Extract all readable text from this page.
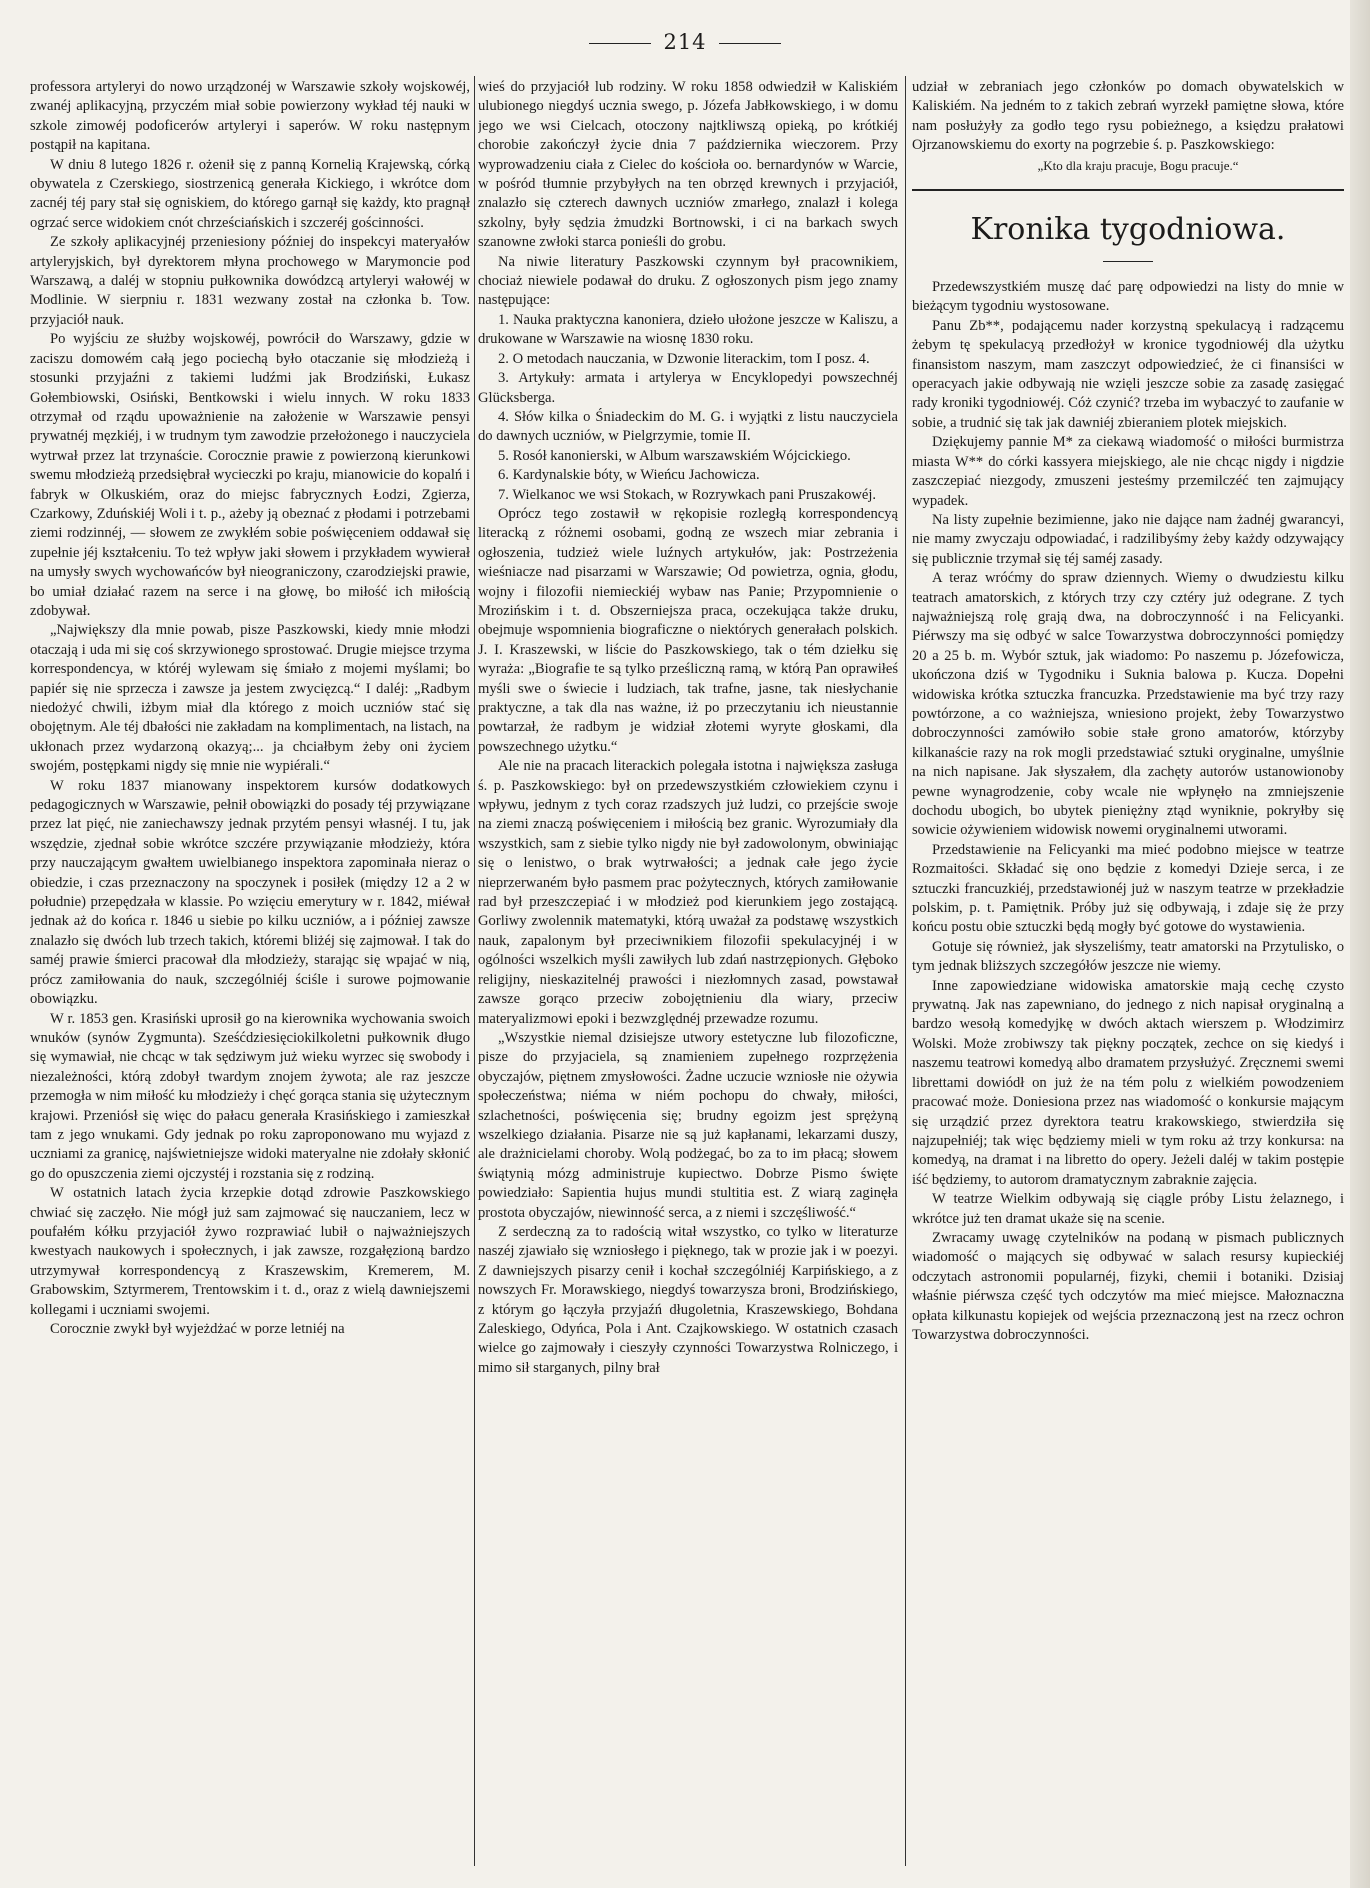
214

professora artyleryi do nowo urządzonéj w Warszawie szkoły wojskowéj, zwanéj aplikacyjną, przyczém miał sobie powierzony wykład téj nauki w szkole zimowéj podoficerów artyleryi i saperów. W roku następnym postąpił na kapitana.

W dniu 8 lutego 1826 r. ożenił się z panną Kornelią Krajewską, córką obywatela z Czerskiego, siostrzenicą generała Kickiego, i wkrótce dom zacnéj téj pary stał się ogniskiem, do którego garnął się każdy, kto pragnął ogrzać serce widokiem cnót chrześciańskich i szczeréj gościnności.

Ze szkoły aplikacyjnéj przeniesiony później do inspekcyi materyałów artyleryjskich, był dyrektorem młyna prochowego w Marymoncie pod Warszawą, a daléj w stopniu pułkownika dowódzcą artyleryi wałowéj w Modlinie. W sierpniu r. 1831 wezwany został na członka b. Tow. przyjaciół nauk.

Po wyjściu ze służby wojskowéj, powrócił do Warszawy, gdzie w zaciszu domowém całą jego pociechą było otaczanie się młodzieżą i stosunki przyjaźni z takiemi ludźmi jak Brodziński, Łukasz Gołembiowski, Osiński, Bentkowski i wielu innych. W roku 1833 otrzymał od rządu upoważnienie na założenie w Warszawie pensyi prywatnéj męzkiéj, i w trudnym tym zawodzie przełożonego i nauczyciela wytrwał przez lat trzynaście. Corocznie prawie z powierzoną kierunkowi swemu młodzieżą przedsiębrał wycieczki po kraju, mianowicie do kopalń i fabryk w Olkuskiém, oraz do miejsc fabrycznych Łodzi, Zgierza, Czarkowy, Zduńskiéj Woli i t. p., ażeby ją obeznać z płodami i potrzebami ziemi rodzinnéj, — słowem ze zwykłém sobie poświęceniem oddawał się zupełnie jéj kształceniu. To też wpływ jaki słowem i przykładem wywierał na umysły swych wychowańców był nieograniczony, czarodziejski prawie, bo umiał działać razem na serce i na głowę, bo miłość ich miłością zdobywał.

„Największy dla mnie powab, pisze Paszkowski, kiedy mnie młodzi otaczają i uda mi się coś skrzywionego sprostować. Drugie miejsce trzyma korrespondencya, w któréj wylewam się śmiało z mojemi myślami; bo papiér się nie sprzecza i zawsze ja jestem zwycięzcą.“ I daléj: „Radbym niedożyć chwili, iżbym miał dla którego z moich uczniów stać się obojętnym. Ale téj dbałości nie zakładam na komplimentach, na listach, na ukłonach przez wydarzoną okazyą;... ja chciałbym żeby oni życiem swojém, postępkami nigdy się mnie nie wypiérali.“

W roku 1837 mianowany inspektorem kursów dodatkowych pedagogicznych w Warszawie, pełnił obowiązki do posady téj przywiązane przez lat pięć, nie zaniechawszy jednak przytém pensyi własnéj. I tu, jak wszędzie, zjednał sobie wkrótce szczére przywiązanie młodzieży, która przy nauczającym gwałtem uwielbianego inspektora zapominała nieraz o obiedzie, i czas przeznaczony na spoczynek i posiłek (między 12 a 2 w południe) przepędzała w klassie. Po wzięciu emerytury w r. 1842, miéwał jednak aż do końca r. 1846 u siebie po kilku uczniów, a i później zawsze znalazło się dwóch lub trzech takich, któremi bliżéj się zajmował. I tak do saméj prawie śmierci pracował dla młodzieży, starając się wpajać w nią, prócz zamiłowania do nauk, szczególniéj ściśle i surowe pojmowanie obowiązku.

W r. 1853 gen. Krasiński uprosił go na kierownika wychowania swoich wnuków (synów Zygmunta). Sześćdziesięciokilkoletni pułkownik długo się wymawiał, nie chcąc w tak sędziwym już wieku wyrzec się swobody i niezależności, którą zdobył twardym znojem żywota; ale raz jeszcze przemogła w nim miłość ku młodzieży i chęć gorąca stania się użytecznym krajowi. Przeniósł się więc do pałacu generała Krasińskiego i zamieszkał tam z jego wnukami. Gdy jednak po roku zaproponowano mu wyjazd z uczniami za granicę, najświetniejsze widoki materyalne nie zdołały skłonić go do opuszczenia ziemi ojczystéj i rozstania się z rodziną.

W ostatnich latach życia krzepkie dotąd zdrowie Paszkowskiego chwiać się zaczęło. Nie mógł już sam zajmować się nauczaniem, lecz w poufałém kółku przyjaciół żywo rozprawiać lubił o najważniejszych kwestyach naukowych i społecznych, i jak zawsze, rozgałęzioną bardzo utrzymywał korrespondencyą z Kraszewskim, Kremerem, M. Grabowskim, Sztyrmerem, Trentowskim i t. d., oraz z wielą dawniejszemi kollegami i uczniami swojemi.

Corocznie zwykł był wyjeżdżać w porze letniéj na

wieś do przyjaciół lub rodziny. W roku 1858 odwiedził w Kaliskiém ulubionego niegdyś ucznia swego, p. Józefa Jabłkowskiego, i w domu jego we wsi Cielcach, otoczony najtkliwszą opieką, po krótkiéj chorobie zakończył życie dnia 7 października wieczorem. Przy wyprowadzeniu ciała z Cielec do kościoła oo. bernardynów w Warcie, w pośród tłumnie przybyłych na ten obrzęd krewnych i przyjaciół, znalazło się czterech dawnych uczniów zmarłego, znalazł i kolega szkolny, były sędzia żmudzki Bortnowski, i ci na barkach swych szanowne zwłoki starca ponieśli do grobu.

Na niwie literatury Paszkowski czynnym był pracownikiem, chociaż niewiele podawał do druku. Z ogłoszonych pism jego znamy następujące:

1. Nauka praktyczna kanoniera, dzieło ułożone jeszcze w Kaliszu, a drukowane w Warszawie na wiosnę 1830 roku.

2. O metodach nauczania, w Dzwonie literackim, tom I posz. 4.

3. Artykuły: armata i artylerya w Encyklopedyi powszechnéj Glücksberga.

4. Słów kilka o Śniadeckim do M. G. i wyjątki z listu nauczyciela do dawnych uczniów, w Pielgrzymie, tomie II.

5. Rosół kanonierski, w Album warszawskiém Wójcickiego.

6. Kardynalskie bóty, w Wieńcu Jachowicza.

7. Wielkanoc we wsi Stokach, w Rozrywkach pani Pruszakowéj.

Oprócz tego zostawił w rękopisie rozległą korrespondencyą literacką z różnemi osobami, godną ze wszech miar zebrania i ogłoszenia, tudzież wiele luźnych artykułów, jak: Postrzeżenia wieśniacze nad pisarzami w Warszawie; Od powietrza, ognia, głodu, wojny i filozofii niemieckiéj wybaw nas Panie; Przypomnienie o Mrozińskim i t. d. Obszerniejsza praca, oczekująca także druku, obejmuje wspomnienia biograficzne o niektórych generałach polskich. J. I. Kraszewski, w liście do Paszkowskiego, tak o tém dziełku się wyraża: „Biografie te są tylko prześliczną ramą, w którą Pan oprawiłeś myśli swe o świecie i ludziach, tak trafne, jasne, tak niesłychanie praktyczne, a tak dla nas ważne, iż po przeczytaniu ich nieustannie powtarzał, że radbym je widział złotemi wyryte głoskami, dla powszechnego użytku.“

Ale nie na pracach literackich polegała istotna i największa zasługa ś. p. Paszkowskiego: był on przedewszystkiém człowiekiem czynu i wpływu, jednym z tych coraz rzadszych już ludzi, co przejście swoje na ziemi znaczą poświęceniem i miłością bez granic. Wyrozumiały dla wszystkich, sam z siebie tylko nigdy nie był zadowolonym, obwiniając się o lenistwo, o brak wytrwałości; a jednak całe jego życie nieprzerwaném było pasmem prac pożytecznych, których zamiłowanie rad był przeszczepiać i w młodzież pod kierunkiem jego zostającą. Gorliwy zwolennik matematyki, którą uważał za podstawę wszystkich nauk, zapalonym był przeciwnikiem filozofii spekulacyjnéj i w ogólności wszelkich myśli zawiłych lub zdań nastrzępionych. Głęboko religijny, nieskazitelnéj prawości i niezłomnych zasad, powstawał zawsze gorąco przeciw zobojętnieniu dla wiary, przeciw materyalizmowi epoki i bezwzględnéj przewadze rozumu.

„Wszystkie niemal dzisiejsze utwory estetyczne lub filozoficzne, pisze do przyjaciela, są znamieniem zupełnego rozprzężenia obyczajów, piętnem zmysłowości. Żadne uczucie wzniosłe nie ożywia społeczeństwa; niéma w niém pochopu do chwały, miłości, szlachetności, poświęcenia się; brudny egoizm jest sprężyną wszelkiego działania. Pisarze nie są już kapłanami, lekarzami duszy, ale drażnicielami choroby. Wolą podżegać, bo za to im płacą; słowem świątynią mózg administruje kupiectwo. Dobrze Pismo święte powiedziało: Sapientia hujus mundi stultitia est. Z wiarą zaginęła prostota obyczajów, niewinność serca, a z niemi i szczęśliwość.“

Z serdeczną za to radością witał wszystko, co tylko w literaturze naszéj zjawiało się wzniosłego i pięknego, tak w prozie jak i w poezyi. Z dawniejszych pisarzy cenił i kochał szczególniéj Karpińskiego, a z nowszych Fr. Morawskiego, niegdyś towarzysza broni, Brodzińskiego, z którym go łączyła przyjaźń długoletnia, Kraszewskiego, Bohdana Zaleskiego, Odyńca, Pola i Ant. Czajkowskiego. W ostatnich czasach wielce go zajmowały i cieszyły czynności Towarzystwa Rolniczego, i mimo sił starganych, pilny brał

udział w zebraniach jego członków po domach obywatelskich w Kaliskiém. Na jedném to z takich zebrań wyrzekł pamiętne słowa, które nam posłużyły za godło tego rysu pobieżnego, a księdzu prałatowi Ojrzanowskiemu do exorty na pogrzebie ś. p. Paszkowskiego:

„Kto dla kraju pracuje, Bogu pracuje.“

Kronika tygodniowa.

Przedewszystkiém muszę dać parę odpowiedzi na listy do mnie w bieżącym tygodniu wystosowane.

Panu Zb**, podającemu nader korzystną spekulacyą i radzącemu żebym tę spekulacyą przedłożył w kronice tygodniowéj dla użytku finansistom naszym, mam zaszczyt odpowiedzieć, że ci finansiści w operacyach jakie odbywają nie wzięli jeszcze sobie za zasadę zasięgać rady kroniki tygodniowéj. Cóż czynić? trzeba im wybaczyć to zaufanie w sobie, a trudnić się tak jak dawniéj zbieraniem plotek miejskich.

Dziękujemy pannie M* za ciekawą wiadomość o miłości burmistrza miasta W** do córki kassyera miejskiego, ale nie chcąc nigdy i nigdzie zaszczepiać niezgody, zmuszeni jesteśmy przemilczéć ten zajmujący wypadek.

Na listy zupełnie bezimienne, jako nie dające nam żadnéj gwarancyi, nie mamy zwyczaju odpowiadać, i radzilibyśmy żeby każdy odzywający się publicznie trzymał się téj saméj zasady.

A teraz wróćmy do spraw dziennych. Wiemy o dwudziestu kilku teatrach amatorskich, z których trzy czy cztéry już odegrane. Z tych najważniejszą rolę grają dwa, na dobroczynność i na Felicyanki. Piérwszy ma się odbyć w salce Towarzystwa dobroczynności pomiędzy 20 a 25 b. m. Wybór sztuk, jak wiadomo: Po naszemu p. Józefowicza, ukończona dziś w Tygodniku i Suknia balowa p. Kucza. Dopełni widowiska krótka sztuczka francuzka. Przedstawienie ma być trzy razy powtórzone, a co ważniejsza, wniesiono projekt, żeby Towarzystwo dobroczynności zamówiło sobie stałe grono amatorów, którzyby kilkanaście razy na rok mogli przedstawiać sztuki oryginalne, umyślnie na nich napisane. Jak słyszałem, dla zachęty autorów ustanowionoby pewne wynagrodzenie, coby wcale nie wpłynęło na zmniejszenie dochodu ubogich, bo ubytek pieniężny ztąd wyniknie, pokryłby się sowicie ożywieniem widowisk nowemi oryginalnemi utworami.

Przedstawienie na Felicyanki ma mieć podobno miejsce w teatrze Rozmaitości. Składać się ono będzie z komedyi Dzieje serca, i ze sztuczki francuzkiéj, przedstawionéj już w naszym teatrze w przekładzie polskim, p. t. Pamiętnik. Próby już się odbywają, i zdaje się że przy końcu postu obie sztuczki będą mogły być gotowe do wystawienia.

Gotuje się również, jak słyszeliśmy, teatr amatorski na Przytulisko, o tym jednak bliższych szczegółów jeszcze nie wiemy.

Inne zapowiedziane widowiska amatorskie mają cechę czysto prywatną. Jak nas zapewniano, do jednego z nich napisał oryginalną a bardzo wesołą komedyjkę w dwóch aktach wierszem p. Włodzimirz Wolski. Może zrobiwszy tak piękny początek, zechce on się kiedyś i naszemu teatrowi komedyą albo dramatem przysłużyć. Zręcznemi swemi librettami dowiódł on już że na tém polu z wielkiém powodzeniem pracować może. Doniesiona przez nas wiadomość o konkursie mającym się urządzić przez dyrektora teatru krakowskiego, stwierdziła się najzupełniéj; tak więc będziemy mieli w tym roku aż trzy konkursa: na komedyą, na dramat i na libretto do opery. Jeżeli daléj w takim postępie iść będziemy, to autorom dramatycznym zabraknie zajęcia.

W teatrze Wielkim odbywają się ciągle próby Listu żelaznego, i wkrótce już ten dramat ukaże się na scenie.

Zwracamy uwagę czytelników na podaną w pismach publicznych wiadomość o mających się odbywać w salach resursy kupieckiéj odczytach astronomii popularnéj, fizyki, chemii i botaniki. Dzisiaj właśnie piérwsza część tych odczytów ma mieć miejsce. Małoznaczna opłata kilkunastu kopiejek od wejścia przeznaczoną jest na rzecz ochron Towarzystwa dobroczynności.
